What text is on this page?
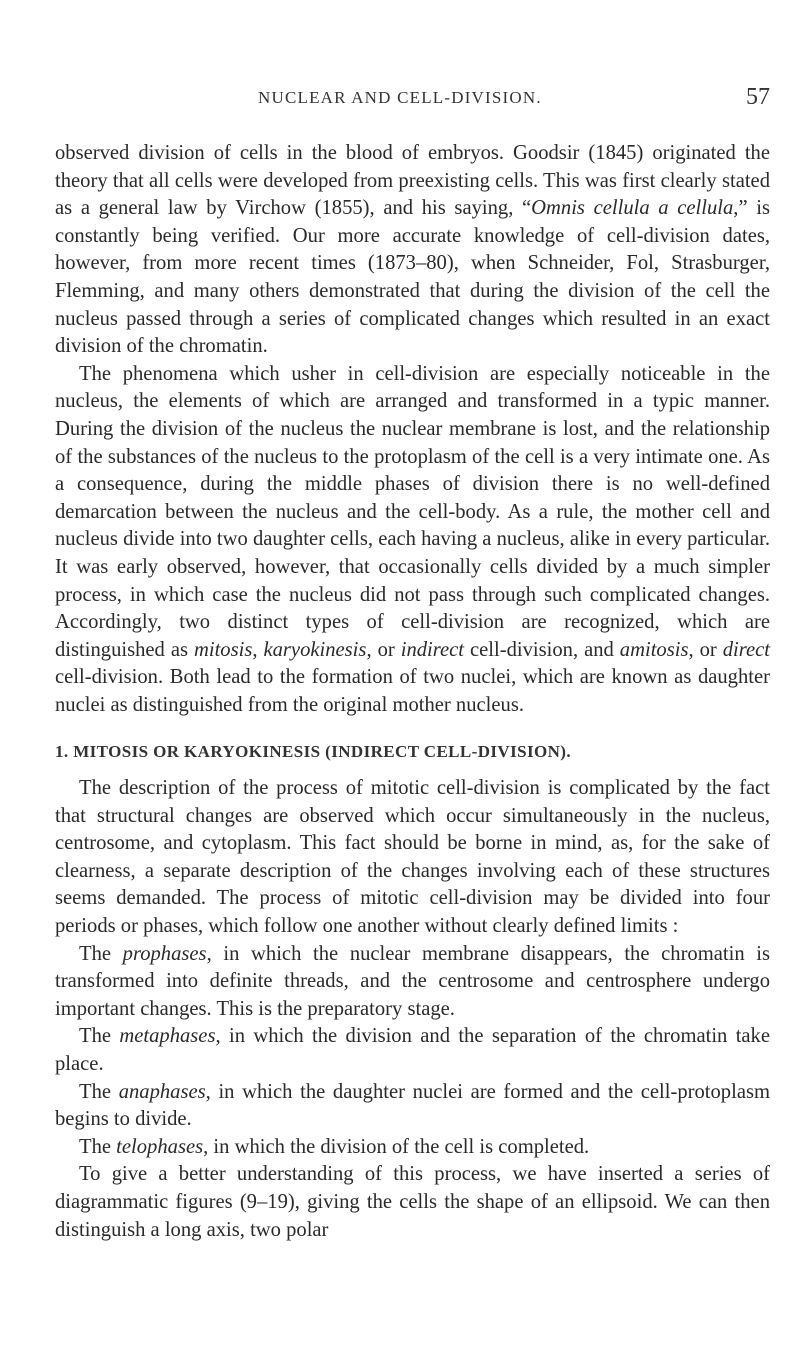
NUCLEAR AND CELL-DIVISION.	57

observed division of cells in the blood of embryos. Goodsir (1845) originated the theory that all cells were developed from preexisting cells. This was first clearly stated as a general law by Virchow (1855), and his saying, “Omnis cellula a cellula,” is constantly being verified. Our more accurate knowledge of cell-division dates, however, from more recent times (1873–80), when Schneider, Fol, Strasburger, Flemming, and many others demonstrated that during the division of the cell the nucleus passed through a series of complicated changes which resulted in an exact division of the chromatin.

The phenomena which usher in cell-division are especially noticeable in the nucleus, the elements of which are arranged and transformed in a typic manner. During the division of the nucleus the nuclear membrane is lost, and the relationship of the substances of the nucleus to the protoplasm of the cell is a very intimate one. As a consequence, during the middle phases of division there is no well-defined demarcation between the nucleus and the cell-body. As a rule, the mother cell and nucleus divide into two daughter cells, each having a nucleus, alike in every particular. It was early observed, however, that occasionally cells divided by a much simpler process, in which case the nucleus did not pass through such complicated changes. Accordingly, two distinct types of cell-division are recognized, which are distinguished as mitosis, karyokinesis, or indirect cell-division, and amitosis, or direct cell-division. Both lead to the formation of two nuclei, which are known as daughter nuclei as distinguished from the original mother nucleus.

1. MITOSIS OR KARYOKINESIS (INDIRECT CELL-DIVISION).

The description of the process of mitotic cell-division is complicated by the fact that structural changes are observed which occur simultaneously in the nucleus, centrosome, and cytoplasm. This fact should be borne in mind, as, for the sake of clearness, a separate description of the changes involving each of these structures seems demanded. The process of mitotic cell-division may be divided into four periods or phases, which follow one another without clearly defined limits :

The prophases, in which the nuclear membrane disappears, the chromatin is transformed into definite threads, and the centrosome and centrosphere undergo important changes. This is the preparatory stage.

The metaphases, in which the division and the separation of the chromatin take place.

The anaphases, in which the daughter nuclei are formed and the cell-protoplasm begins to divide.

The telophases, in which the division of the cell is completed.

To give a better understanding of this process, we have inserted a series of diagrammatic figures (9–19), giving the cells the shape of an ellipsoid. We can then distinguish a long axis, two polar
